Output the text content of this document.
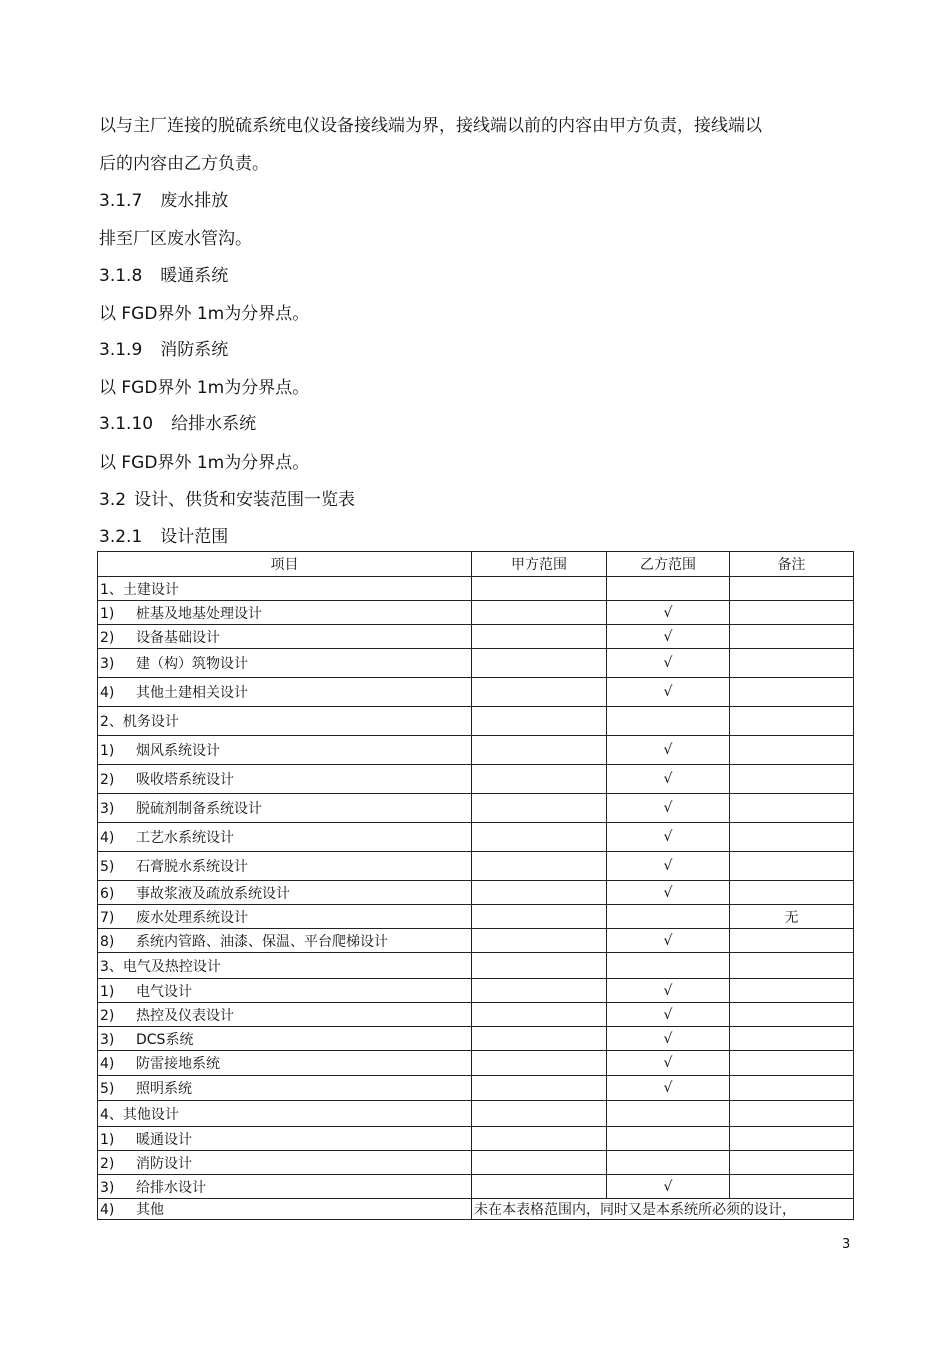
以与主厂连接的脱硫系统电仪设备接线端为界，接线端以前的内容由甲方负责，接线端以
后的内容由乙方负责。
3.1.7 废水排放
排至厂区废水管沟。
3.1.8 暖通系统
以 FGD界外 1m为分界点。
3.1.9 消防系统
以 FGD界外 1m为分界点。
3.1.10 给排水系统
以 FGD界外 1m为分界点。
3.2 设计、供货和安装范围一览表
3.2.1 设计范围
项目	甲方范围	乙方范围	备注
1、土建设计			
1) 桩基及地基处理设计		√	
2) 设备基础设计		√	
3) 建（构）筑物设计		√	
4) 其他土建相关设计		√	
2、机务设计			
1) 烟风系统设计		√	
2) 吸收塔系统设计		√	
3) 脱硫剂制备系统设计		√	
4) 工艺水系统设计		√	
5) 石膏脱水系统设计		√	
6) 事故浆液及疏放系统设计		√	
7) 废水处理系统设计			无
8) 系统内管路、油漆、保温、平台爬梯设计		√	
3、电气及热控设计			
1) 电气设计		√	
2) 热控及仪表设计		√	
3) DCS系统		√	
4) 防雷接地系统		√	
5) 照明系统		√	
4、其他设计			
1) 暖通设计			
2) 消防设计			
3) 给排水设计		√	
4) 其他	未在本表格范围内，同时又是本系统所必须的设计，		
3
